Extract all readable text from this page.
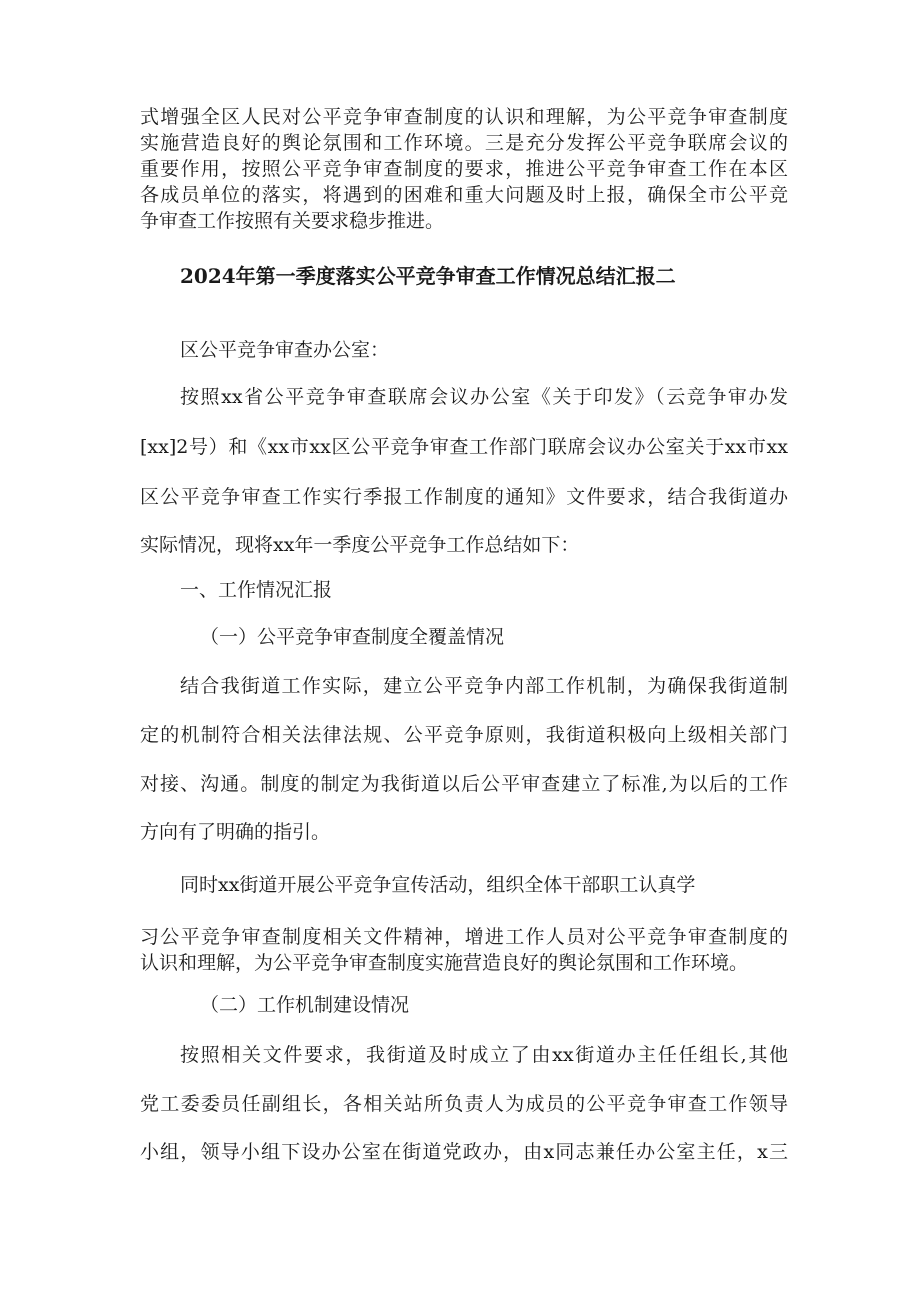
式增强全区人民对公平竞争审查制度的认识和理解，为公平竞争审查制度
实施营造良好的舆论氛围和工作环境。三是充分发挥公平竞争联席会议的
重要作用，按照公平竞争审查制度的要求，推进公平竞争审查工作在本区
各成员单位的落实，将遇到的困难和重大问题及时上报，确保全市公平竞
争审查工作按照有关要求稳步推进。
2024年第一季度落实公平竞争审查工作情况总结汇报二
区公平竞争审查办公室：
按照xx省公平竞争审查联席会议办公室《关于印发》（云竞争审办发
[xx]2号）和《xx市xx区公平竞争审查工作部门联席会议办公室关于xx市xx
区公平竞争审查工作实行季报工作制度的通知》文件要求，结合我街道办
实际情况，现将xx年一季度公平竞争工作总结如下：
一、工作情况汇报
（一）公平竞争审查制度全覆盖情况
结合我街道工作实际，建立公平竞争内部工作机制，为确保我街道制
定的机制符合相关法律法规、公平竞争原则，我街道积极向上级相关部门
对接、沟通。制度的制定为我街道以后公平审查建立了标准,为以后的工作
方向有了明确的指引。
同时xx街道开展公平竞争宣传活动，组织全体干部职工认真学
习公平竞争审查制度相关文件精神，增进工作人员对公平竞争审查制度的
认识和理解，为公平竞争审查制度实施营造良好的舆论氛围和工作环境。
（二）工作机制建设情况
按照相关文件要求，我街道及时成立了由xx街道办主任任组长,其他
党工委委员任副组长，各相关站所负责人为成员的公平竞争审查工作领导
小组，领导小组下设办公室在街道党政办，由x同志兼任办公室主任，x三
